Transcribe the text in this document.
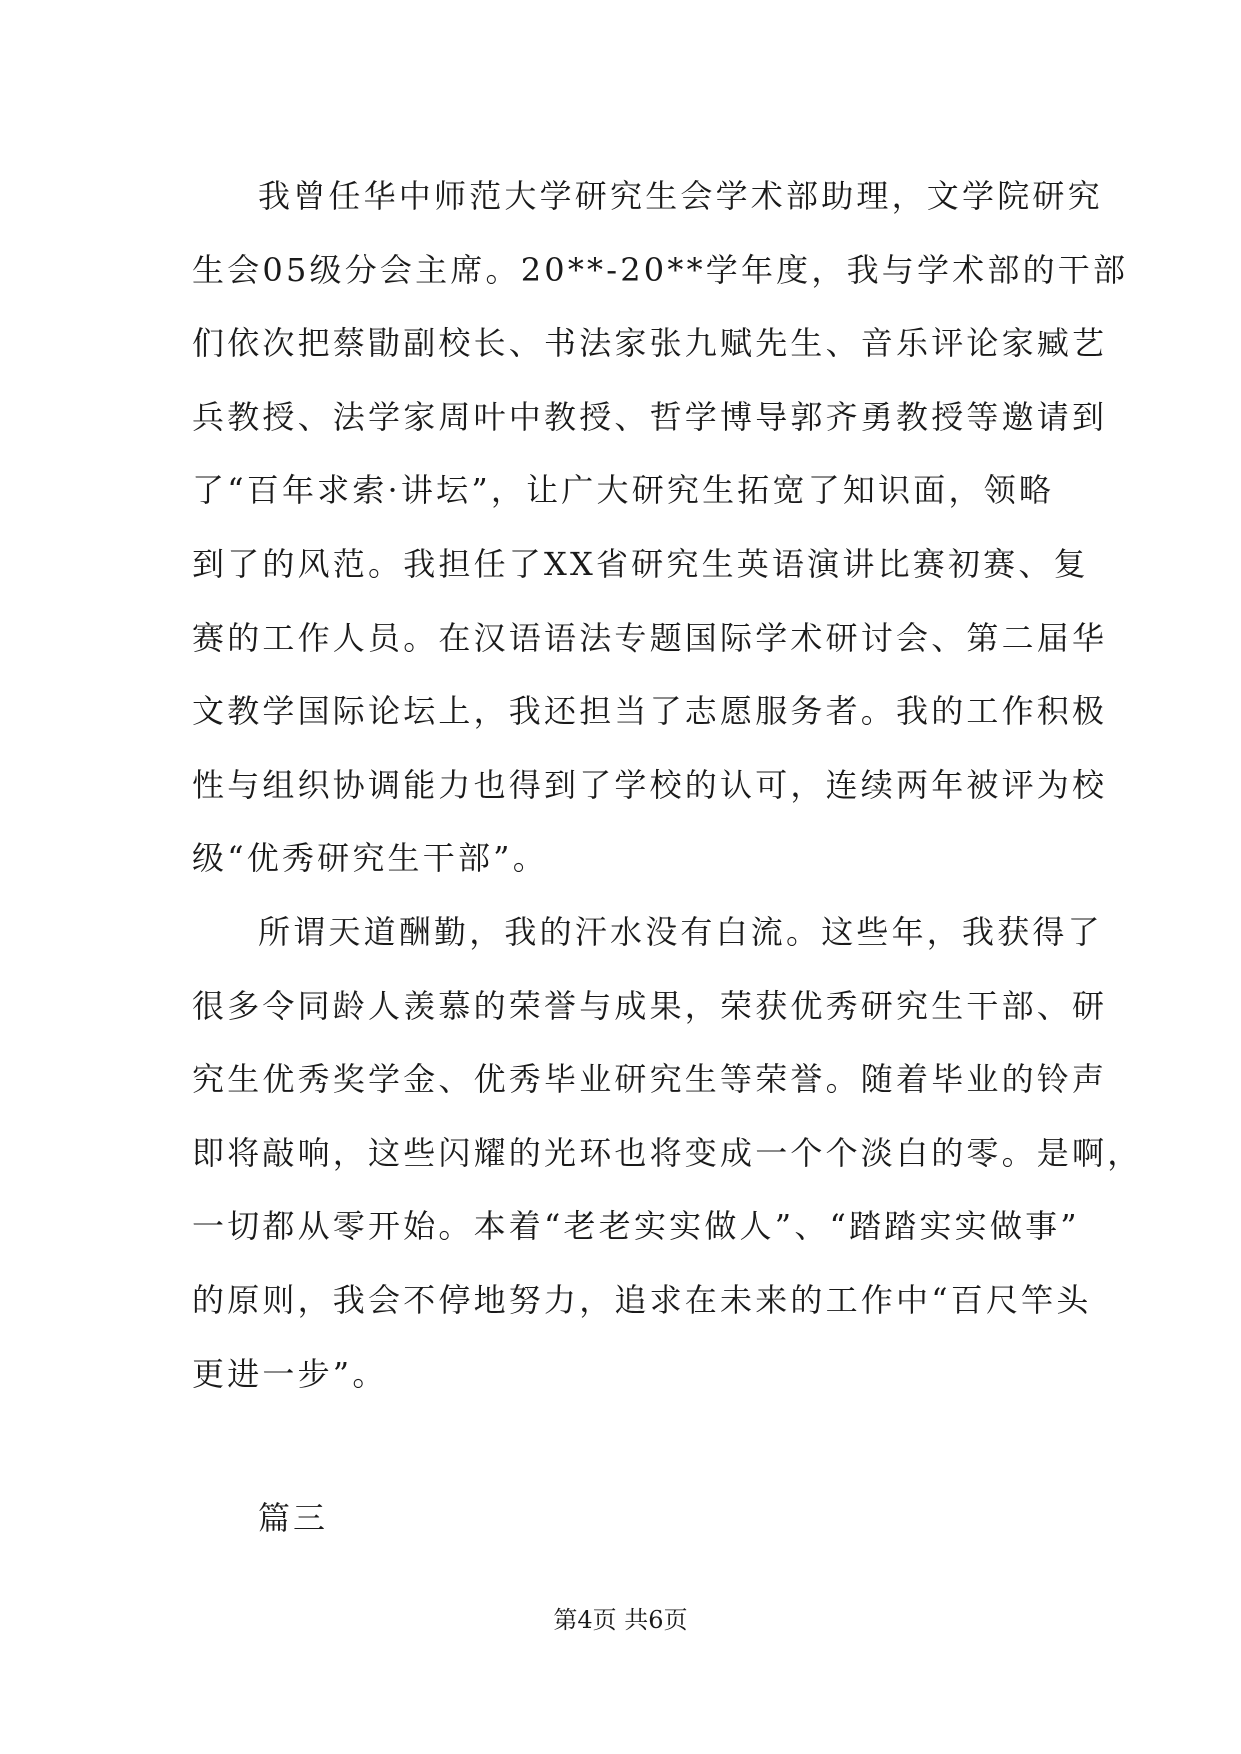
我曾任华中师范大学研究生会学术部助理，文学院研究
生会05级分会主席。20**-20**学年度，我与学术部的干部
们依次把蔡勖副校长、书法家张九赋先生、音乐评论家臧艺
兵教授、法学家周叶中教授、哲学博导郭齐勇教授等邀请到
了“百年求索·讲坛”，让广大研究生拓宽了知识面，领略
到了的风范。我担任了XX省研究生英语演讲比赛初赛、复
赛的工作人员。在汉语语法专题国际学术研讨会、第二届华
文教学国际论坛上，我还担当了志愿服务者。我的工作积极
性与组织协调能力也得到了学校的认可，连续两年被评为校
级“优秀研究生干部”。
所谓天道酬勤，我的汗水没有白流。这些年，我获得了
很多令同龄人羡慕的荣誉与成果，荣获优秀研究生干部、研
究生优秀奖学金、优秀毕业研究生等荣誉。随着毕业的铃声
即将敲响，这些闪耀的光环也将变成一个个淡白的零。是啊，
一切都从零开始。本着“老老实实做人”、“踏踏实实做事”
的原则，我会不停地努力，追求在未来的工作中“百尺竿头
更进一步”。
篇三
第4页 共6页
